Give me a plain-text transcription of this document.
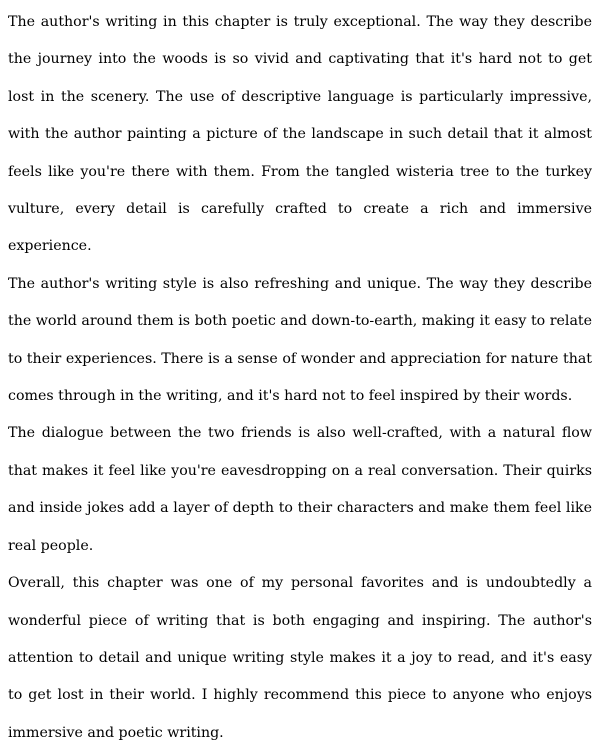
The author's writing in this chapter is truly exceptional. The way they describe the journey into the woods is so vivid and captivating that it's hard not to get lost in the scenery. The use of descriptive language is particularly impressive, with the author painting a picture of the landscape in such detail that it almost feels like you're there with them. From the tangled wisteria tree to the turkey vulture, every detail is carefully crafted to create a rich and immersive experience.

The author's writing style is also refreshing and unique. The way they describe the world around them is both poetic and down-to-earth, making it easy to relate to their experiences. There is a sense of wonder and appreciation for nature that comes through in the writing, and it's hard not to feel inspired by their words.

The dialogue between the two friends is also well-crafted, with a natural flow that makes it feel like you're eavesdropping on a real conversation. Their quirks and inside jokes add a layer of depth to their characters and make them feel like real people.

Overall, this chapter was one of my personal favorites and is undoubtedly a wonderful piece of writing that is both engaging and inspiring. The author's attention to detail and unique writing style makes it a joy to read, and it's easy to get lost in their world. I highly recommend this piece to anyone who enjoys immersive and poetic writing.
